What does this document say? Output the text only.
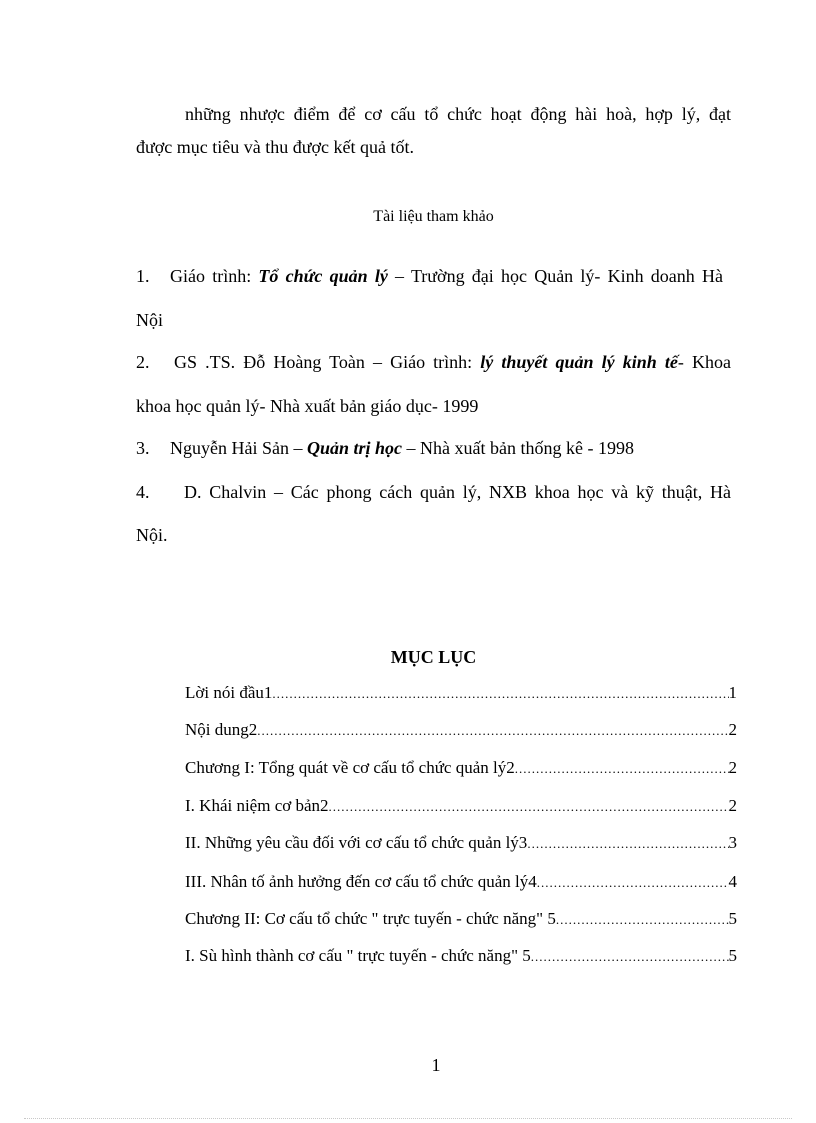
những nhược điểm để cơ cấu tổ chức hoạt động hài hoà, hợp lý, đạt
được mục tiêu và thu được kết quả tốt.
Tài liệu tham khảo
1. Giáo trình: Tổ chức quản lý – Trường đại học Quản lý- Kinh doanh Hà
Nội
2. GS .TS. Đỗ Hoàng Toàn – Giáo trình: lý thuyết quản lý kinh tế- Khoa
khoa học quản lý- Nhà xuất bản giáo dục- 1999
3. Nguyễn Hải Sản – Quản trị học – Nhà xuất bản thống kê - 1998
4. D. Chalvin – Các phong cách quản lý, NXB khoa học và kỹ thuật, Hà
Nội.
MỤC LỤC
Lời nói đầu1 .....	1
Nội dung2 .....	2
Chương I: Tổng quát về cơ cấu tổ chức quản lý2 .....	2
I. Khái niệm cơ bản2 .....	2
II. Những yêu cầu đối với cơ cấu tổ chức quản lý3 .....	3
III. Nhân tố ảnh hưởng đến cơ cấu tổ chức quản lý4 .....	4
Chương II: Cơ cấu tổ chức " trực tuyến - chức năng" 5 .....	5
I. Sù hình thành cơ cấu " trực tuyến - chức năng" 5 .....	5
1
